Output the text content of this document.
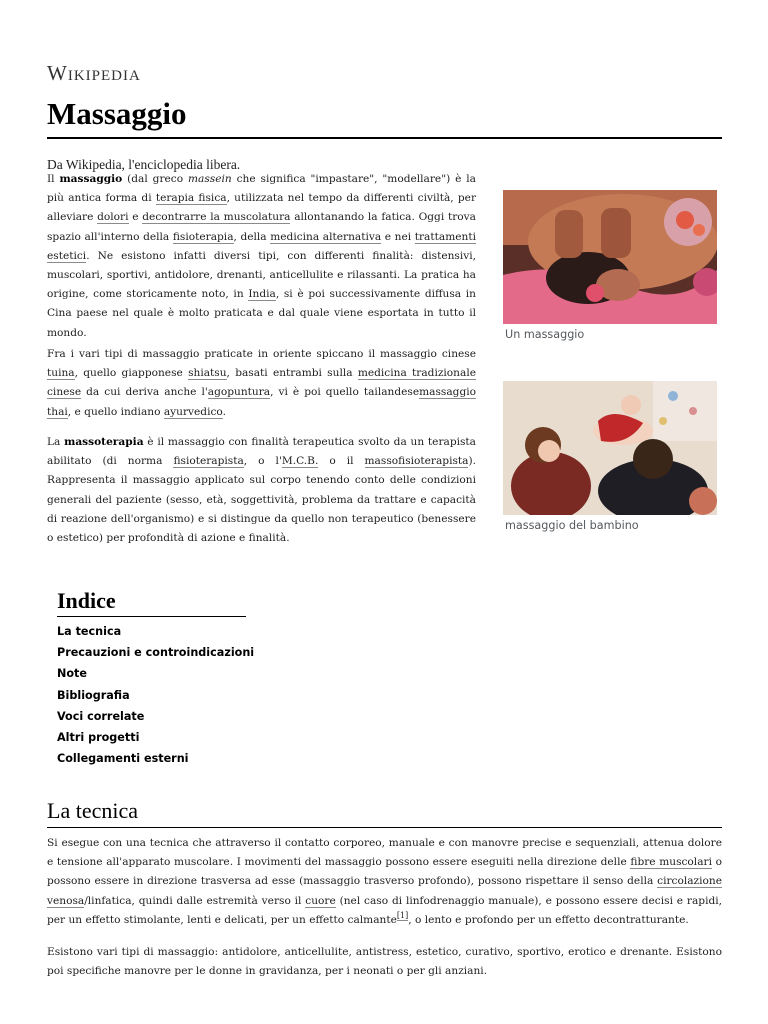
Wikipedia
Massaggio
Da Wikipedia, l'enciclopedia libera.

Il massaggio (dal greco massein che significa "impastare", "modellare") è la più antica forma di terapia fisica, utilizzata nel tempo da differenti civiltà, per alleviare dolori e decontrarre la muscolatura allontanando la fatica. Oggi trova spazio all'interno della fisioterapia, della medicina alternativa e nei trattamenti estetici. Ne esistono infatti diversi tipi, con differenti finalità: distensivi, muscolari, sportivi, antidolore, drenanti, anticellulite e rilassanti. La pratica ha origine, come storicamente noto, in India, si è poi successivamente diffusa in Cina paese nel quale è molto praticata e dal quale viene esportata in tutto il mondo.

Fra i vari tipi di massaggio praticate in oriente spiccano il massaggio cinese tuina, quello giapponese shiatsu, basati entrambi sulla medicina tradizionale cinese da cui deriva anche l'agopuntura, vi è poi quello tailandesemassaggio thai, e quello indiano ayurvedico.

La massoterapia è il massaggio con finalità terapeutica svolto da un terapista abilitato (di norma fisioterapista, o l'M.C.B. o il massofisioterapista). Rappresenta il massaggio applicato sul corpo tenendo conto delle condizioni generali del paziente (sesso, età, soggettività, problema da trattare e capacità di reazione dell'organismo) e si distingue da quello non terapeutico (benessere o estetico) per profondità di azione e finalità.

Un massaggio
massaggio del bambino
Indice
La tecnica
Precauzioni e controindicazioni
Note
Bibliografia
Voci correlate
Altri progetti
Collegamenti esterni
La tecnica

Si esegue con una tecnica che attraverso il contatto corporeo, manuale e con manovre precise e sequenziali, attenua dolore e tensione all'apparato muscolare. I movimenti del massaggio possono essere eseguiti nella direzione delle fibre muscolari o possono essere in direzione trasversa ad esse (massaggio trasverso profondo), possono rispettare il senso della circolazione venosa/linfatica, quindi dalle estremità verso il cuore (nel caso di linfodrenaggio manuale), e possono essere decisi e rapidi, per un effetto stimolante, lenti e delicati, per un effetto calmante[1], o lento e profondo per un effetto decontratturante.

Esistono vari tipi di massaggio: antidolore, anticellulite, antistress, estetico, curativo, sportivo, erotico e drenante. Esistono poi specifiche manovre per le donne in gravidanza, per i neonati o per gli anziani.
